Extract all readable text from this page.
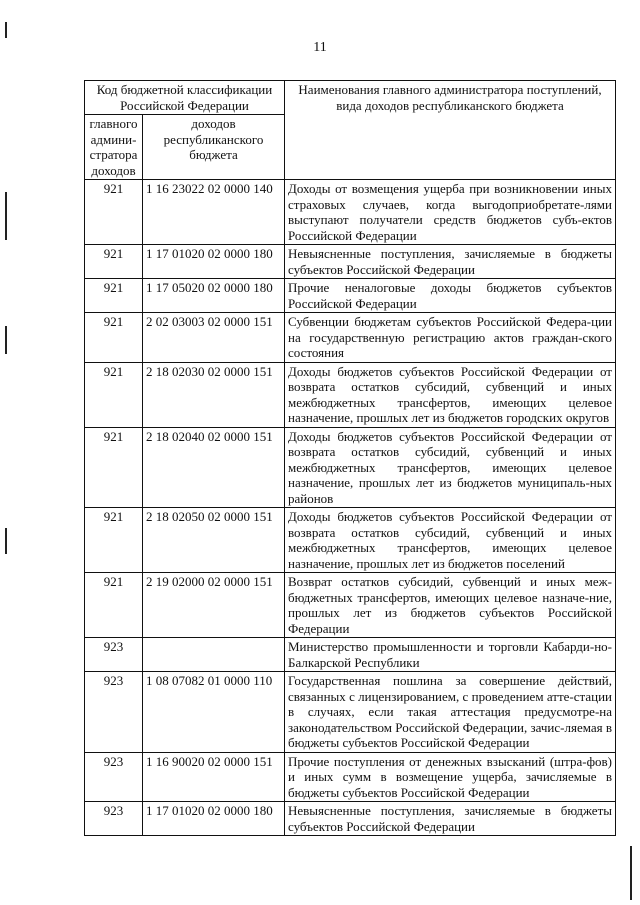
11
Код бюджетной классификации Российской Федерации		Наименования главного администратора поступлений, вида доходов республиканского бюджета
главного админи-стратора доходов	доходов республиканского бюджета	
921	1 16 23022 02 0000 140	Доходы от возмещения ущерба при возникновении иных страховых случаев, когда выгодоприобретате-лями выступают получатели средств бюджетов субъ-ектов Российской Федерации
921	1 17 01020 02 0000 180	Невыясненные поступления, зачисляемые в бюджеты субъектов Российской Федерации
921	1 17 05020 02 0000 180	Прочие неналоговые доходы бюджетов субъектов Российской Федерации
921	2 02 03003 02 0000 151	Субвенции бюджетам субъектов Российской Федера-ции на государственную регистрацию актов граждан-ского состояния
921	2 18 02030 02 0000 151	Доходы бюджетов субъектов Российской Федерации от возврата остатков субсидий, субвенций и иных межбюджетных трансфертов, имеющих целевое назначение, прошлых лет из бюджетов городских округов
921	2 18 02040 02 0000 151	Доходы бюджетов субъектов Российской Федерации от возврата остатков субсидий, субвенций и иных межбюджетных трансфертов, имеющих целевое назначение, прошлых лет из бюджетов муниципаль-ных районов
921	2 18 02050 02 0000 151	Доходы бюджетов субъектов Российской Федерации от возврата остатков субсидий, субвенций и иных межбюджетных трансфертов, имеющих целевое назначение, прошлых лет из бюджетов поселений
921	2 19 02000 02 0000 151	Возврат остатков субсидий, субвенций и иных меж-бюджетных трансфертов, имеющих целевое назначе-ние, прошлых лет из бюджетов субъектов Российской Федерации
923		Министерство промышленности и торговли Кабарди-но-Балкарской Республики
923	1 08 07082 01 0000 110	Государственная пошлина за совершение действий, связанных с лицензированием, с проведением атте-стации в случаях, если такая аттестация предусмотре-на законодательством Российской Федерации, зачис-ляемая в бюджеты субъектов Российской Федерации
923	1 16 90020 02 0000 151	Прочие поступления от денежных взысканий (штра-фов) и иных сумм в возмещение ущерба, зачисляемые в бюджеты субъектов Российской Федерации
923	1 17 01020 02 0000 180	Невыясненные поступления, зачисляемые в бюджеты субъектов Российской Федерации
